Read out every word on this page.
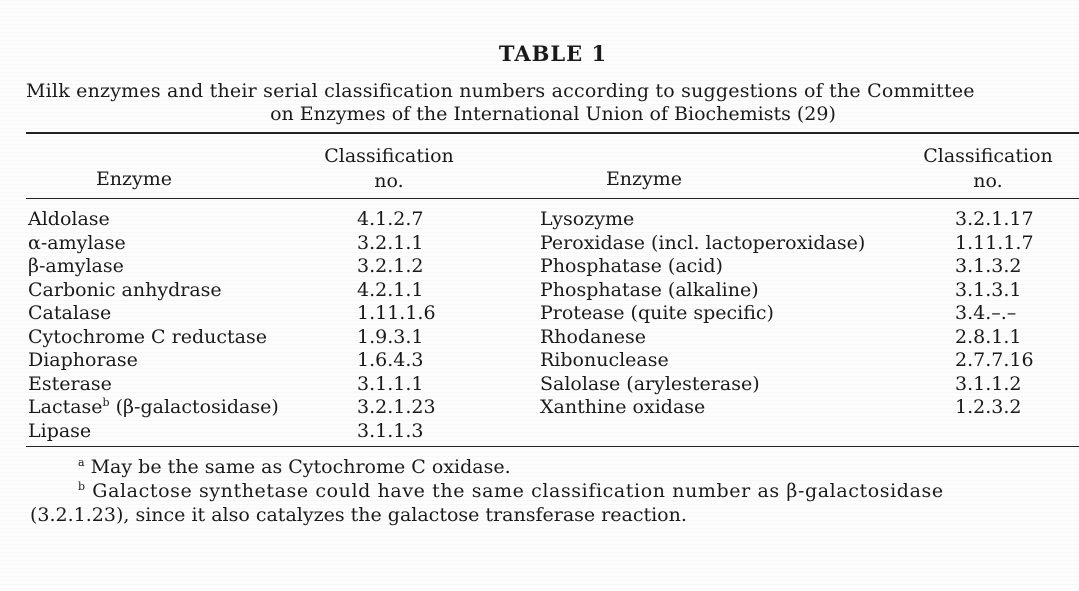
TABLE 1
Milk enzymes and their serial classification numbers according to suggestions of the Committee
on Enzymes of the International Union of Biochemists (29)
Enzyme
Classification
no.	Enzyme
Classification
no.
Aldolase
α-amylase
β-amylase
Carbonic anhydrase
Catalase
Cytochrome C reductase
Diaphorase
Esterase
Lactase$^b$ (β-galactosidase)
Lipase
4.1.2.7
3.2.1.1
3.2.1.2
4.2.1.1
1.11.1.6
1.9.3.1
1.6.4.3
3.1.1.1
3.2.1.23
3.1.1.3
Lysozyme
Peroxidase (incl. lactoperoxidase)
Phosphatase (acid)
Phosphatase (alkaline)
Protease (quite specific)
Rhodanese
Ribonuclease
Salolase (arylesterase)
Xanthine oxidase
3.2.1.17
1.11.1.7
3.1.3.2
3.1.3.1
3.4.–.–
2.8.1.1
2.7.7.16
3.1.1.2
1.2.3.2
$^a$ May be the same as Cytochrome C oxidase.
$^b$ Galactose synthetase could have the same classification number as β-galactosidase
(3.2.1.23), since it also catalyzes the galactose transferase reaction.
